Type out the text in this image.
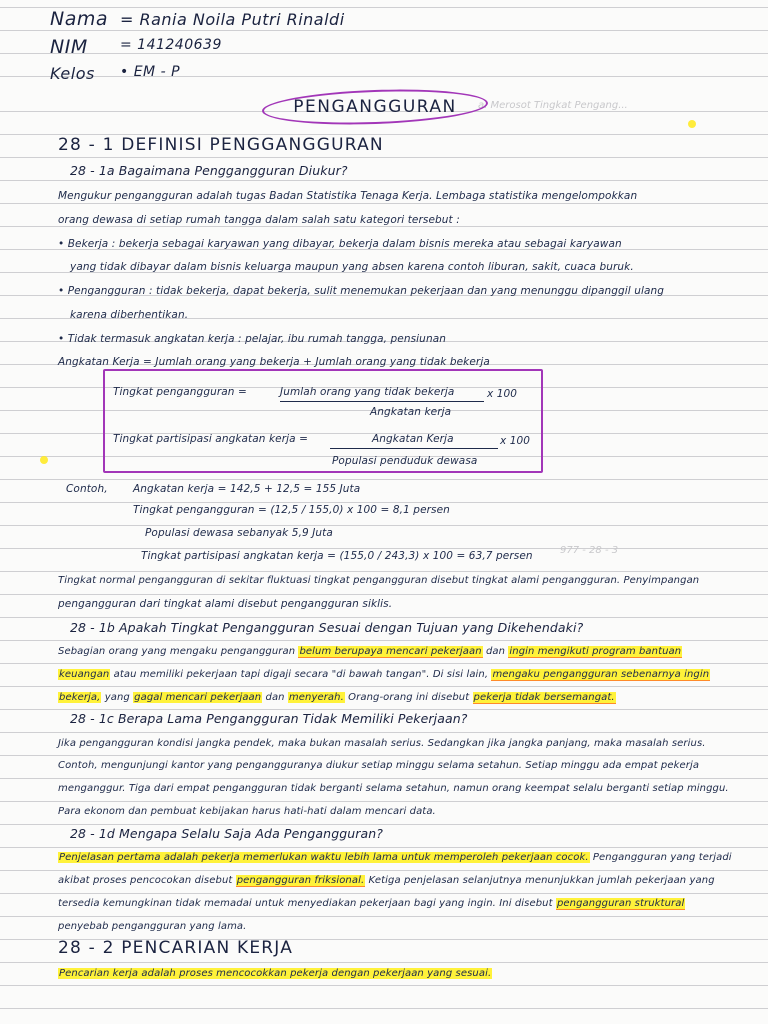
a. Merosot Tingkat Pengang...
977 - 28 - 3
Nama = Rania Noila Putri Rinaldi
NIM = 141240639
Kelos • EM - P
PENGANGGURAN
28 - 1 DEFINISI PENGGANGGURAN
28 - 1a Bagaimana Penggangguran Diukur?
Mengukur pengangguran adalah tugas Badan Statistika Tenaga Kerja. Lembaga statistika mengelompokkan
orang dewasa di setiap rumah tangga dalam salah satu kategori tersebut :
• Bekerja : bekerja sebagai karyawan yang dibayar, bekerja dalam bisnis mereka atau sebagai karyawan
yang tidak dibayar dalam bisnis keluarga maupun yang absen karena contoh liburan, sakit, cuaca buruk.
• Pengangguran : tidak bekerja, dapat bekerja, sulit menemukan pekerjaan dan yang menunggu dipanggil ulang
karena diberhentikan.
• Tidak termasuk angkatan kerja : pelajar, ibu rumah tangga, pensiunan
Angkatan Kerja = Jumlah orang yang bekerja + Jumlah orang yang tidak bekerja
Tingkat pengangguran =	Jumlah orang yang tidak bekerja	x 100
Angkatan kerja
Tingkat partisipasi angkatan kerja =	Angkatan Kerja	x 100
Populasi penduduk dewasa
Contoh,	Angkatan kerja = 142,5 + 12,5 = 155 Juta
Tingkat pengangguran = (12,5 / 155,0) x 100 = 8,1 persen
Populasi dewasa sebanyak 5,9 Juta
Tingkat partisipasi angkatan kerja = (155,0 / 243,3) x 100 = 63,7 persen
Tingkat normal pengangguran di sekitar fluktuasi tingkat pengangguran disebut tingkat alami pengangguran. Penyimpangan
pengangguran dari tingkat alami disebut pengangguran siklis.
28 - 1b Apakah Tingkat Pengangguran Sesuai dengan Tujuan yang Dikehendaki?
Sebagian orang yang mengaku pengangguran belum berupaya mencari pekerjaan dan ingin mengikuti program bantuan
keuangan atau memiliki pekerjaan tapi digaji secara "di bawah tangan". Di sisi lain, mengaku pengangguran sebenarnya ingin
bekerja, yang gagal mencari pekerjaan dan menyerah. Orang-orang ini disebut pekerja tidak bersemangat.
28 - 1c Berapa Lama Pengangguran Tidak Memiliki Pekerjaan?
Jika pengangguran kondisi jangka pendek, maka bukan masalah serius. Sedangkan jika jangka panjang, maka masalah serius.
Contoh, mengunjungi kantor yang pengangguranya diukur setiap minggu selama setahun. Setiap minggu ada empat pekerja
menganggur. Tiga dari empat pengangguran tidak berganti selama setahun, namun orang keempat selalu berganti setiap minggu.
Para ekonom dan pembuat kebijakan harus hati-hati dalam mencari data.
28 - 1d Mengapa Selalu Saja Ada Pengangguran?
Penjelasan pertama adalah pekerja memerlukan waktu lebih lama untuk memperoleh pekerjaan cocok. Pengangguran yang terjadi
akibat proses pencocokan disebut pengangguran friksional. Ketiga penjelasan selanjutnya menunjukkan jumlah pekerjaan yang
tersedia kemungkinan tidak memadai untuk menyediakan pekerjaan bagi yang ingin. Ini disebut pengangguran struktural
penyebab pengangguran yang lama.
28 - 2 PENCARIAN KERJA
Pencarian kerja adalah proses mencocokkan pekerja dengan pekerjaan yang sesuai.
